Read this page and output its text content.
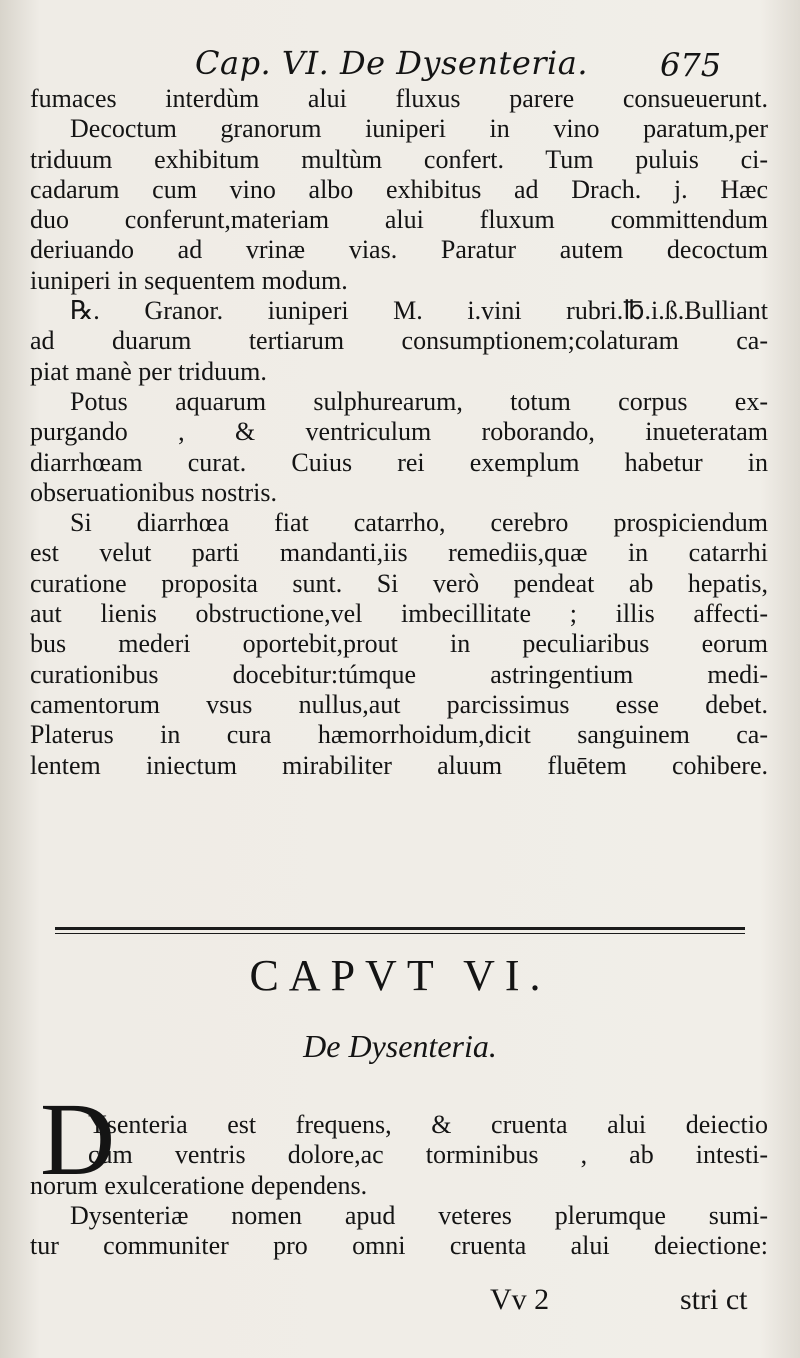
Cap. VI. De Dysenteria. 675
fumaces interdùm alui fluxus parere consueuerunt.
Decoctum granorum iuniperi in vino paratum,per
triduum exhibitum multùm confert. Tum puluis ci-
cadarum cum vino albo exhibitus ad Drach. j. Hæc
duo conferunt,materiam alui fluxum committendum
deriuando ad vrinæ vias. Paratur autem decoctum
iuniperi in sequentem modum.
℞. Granor. iuniperi M. i.vini rubri.℔.i.ß.Bulliant
ad duarum tertiarum consumptionem;colaturam ca-
piat manè per triduum.
Potus aquarum sulphurearum, totum corpus ex-
purgando , & ventriculum roborando, inueteratam
diarrhœam curat. Cuius rei exemplum habetur in
obseruationibus nostris.
Si diarrhœa fiat catarrho, cerebro prospiciendum
est velut parti mandanti,iis remediis,quæ in catarrhi
curatione proposita sunt. Si verò pendeat ab hepatis,
aut lienis obstructione,vel imbecillitate ; illis affecti-
bus mederi oportebit,prout in peculiaribus eorum
curationibus docebitur:túmque astringentium medi-
camentorum vsus nullus,aut parcissimus esse debet.
Platerus in cura hæmorrhoidum,dicit sanguinem ca-
lentem iniectum mirabiliter aluum fluētem cohibere.
CAPVT VI.
De Dysenteria.
D
Ysenteria est frequens, & cruenta alui deiectio
cum ventris dolore,ac torminibus , ab intesti-
norum exulceratione dependens.
Dysenteriæ nomen apud veteres plerumque sumi-
tur communiter pro omni cruenta alui deiectione:
Vv 2	stri ct
